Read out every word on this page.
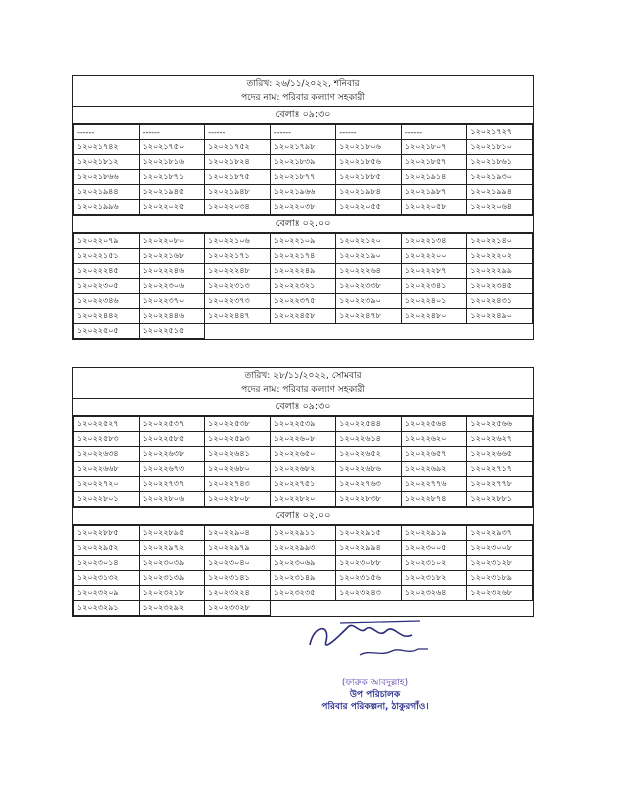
তারিখ: ২৬/১১/২০২২, শনিবার
পদের নাম: পরিবার কল্যাণ সহকারী
বেলাঃ ০৯:৩০
------	------	------	------	------	------	১২০২১৭২৭
১২০২১৭৪২	১২০২১৭৫০	১২০২১৭৫২	১২০২১৭৯৮	১২০২১৮০৬	১২০২১৮০৭	১২০২১৮১০
১২০২১৮১২	১২০২১৮১৬	১২০২১৮২৪	১২০২১৮৩৯	১২০২১৮৫৬	১২০২১৮৫৭	১২০২১৮৬১
১২০২১৮৬৬	১২০২১৮৭১	১২০২১৮৭৫	১২০২১৮৭৭	১২০২১৮৮৫	১২০২১৯১৪	১২০২১৯৩০
১২০২১৯৪৪	১২০২১৯৪৫	১২০২১৯৪৮	১২০২১৯৬৬	১২০২১৯৮৪	১২০২১৯৮৭	১২০২১৯৯৪
১২০২১৯৯৬	১২০২২০২৫	১২০২২০৩৪	১২০২২০৩৮	১২০২২০৫৫	১২০২২০৫৮	১২০২২০৬৪
বেলাঃ ০২.০০
১২০২২০৭৯	১২০২২০৮০	১২০২২১০৬	১২০২২১০৯	১২০২২১২০	১২০২২১৩৪	১২০২২১৪০
১২০২২১৫১	১২০২২১৬৮	১২০২২১৭১	১২০২২১৭৪	১২০২২১৯০	১২০২২২০০	১২০২২২০২
১২০২২২৪৫	১২০২২২৪৬	১২০২২২৪৮	১২০২২২৪৯	১২০২২২৬৪	১২০২২২৮৭	১২০২২২৯৯
১২০২২৩০৫	১২০২২৩০৬	১২০২২৩১৩	১২০২২৩২১	১২০২২৩৩৮	১২০২২৩৪১	১২০২২৩৪৫
১২০২২৩৪৬	১২০২২৩৭০	১২০২২৩৭৩	১২০২২৩৭৫	১২০২২৩৯০	১২০২২৪০১	১২০২২৪৩১
১২০২২৪৪২	১২০২২৪৪৬	১২০২২৪৪৭	১২০২২৪৫৮	১২০২২৪৭৮	১২০২২৪৮০	১২০২২৪৯০
১২০২২৫০৫	১২০২২৫১৫					
তারিখ: ২৮/১১/২০২২, সোমবার
পদের নাম: পরিবার কল্যাণ সহকারী
বেলাঃ ০৯:৩০
১২০২২৫২৭	১২০২২৫৩৭	১২০২২৫৩৮	১২০২২৫৩৯	১২০২২৫৪৪	১২০২২৫৬৪	১২০২২৫৬৬
১২০২২৫৮৩	১২০২২৫৮৫	১২০২২৫৯৩	১২০২২৬০৮	১২০২২৬১৪	১২০২২৬২০	১২০২২৬২৭
১২০২২৬৩৪	১২০২২৬৩৮	১২০২২৬৪১	১২০২২৬৫০	১২০২২৬৫২	১২০২২৬৫৭	১২০২২৬৬৫
১২০২২৬৬৮	১২০২২৬৭৩	১২০২২৬৮০	১২০২২৬৮২	১২০২২৬৮৬	১২০২২৬৯২	১২০২২৭১৭
১২০২২৭২০	১২০২২৭৩৭	১২০২২৭৪৩	১২০২২৭৫১	১২০২২৭৬৩	১২০২২৭৭৬	১২০২২৭৭৮
১২০২২৮০১	১২০২২৮০৬	১২০২২৮০৮	১২০২২৮২০	১২০২২৮৩৮	১২০২২৮৭৪	১২০২২৮৮১
বেলাঃ ০২.০০
১২০২২৮৮৫	১২০২২৮৯৫	১২০২২৯০৪	১২০২২৯১১	১২০২২৯১৫	১২০২২৯১৯	১২০২২৯৩৭
১২০২২৯৫২	১২০২২৯৭২	১২০২২৯৭৯	১২০২২৯৯৩	১২০২২৯৯৪	১২০২৩০০৫	১২০২৩০০৮
১২০২৩০১৪	১২০২৩০৩৯	১২০২৩০৪০	১২০২৩০৬৯	১২০২৩০৮৮	১২০২৩১০২	১২০২৩১২৮
১২০২৩১৩২	১২০২৩১৩৯	১২০২৩১৪১	১২০২৩১৪৯	১২০২৩১৫৬	১২০২৩১৮২	১২০২৩১৮৯
১২০২৩২০৯	১২০২৩২১৮	১২০২৩২২৪	১২০২৩২৩৫	১২০২৩২৪৩	১২০২৩২৬৪	১২০২৩২৬৮
১২০২৩২৯১	১২০২৩২৯২	১২০২৩৩২৮				
(ফারুক আবদুল্লাহ)
উপ পরিচালক
পরিবার পরিকল্পনা, ঠাকুরগাঁও।
